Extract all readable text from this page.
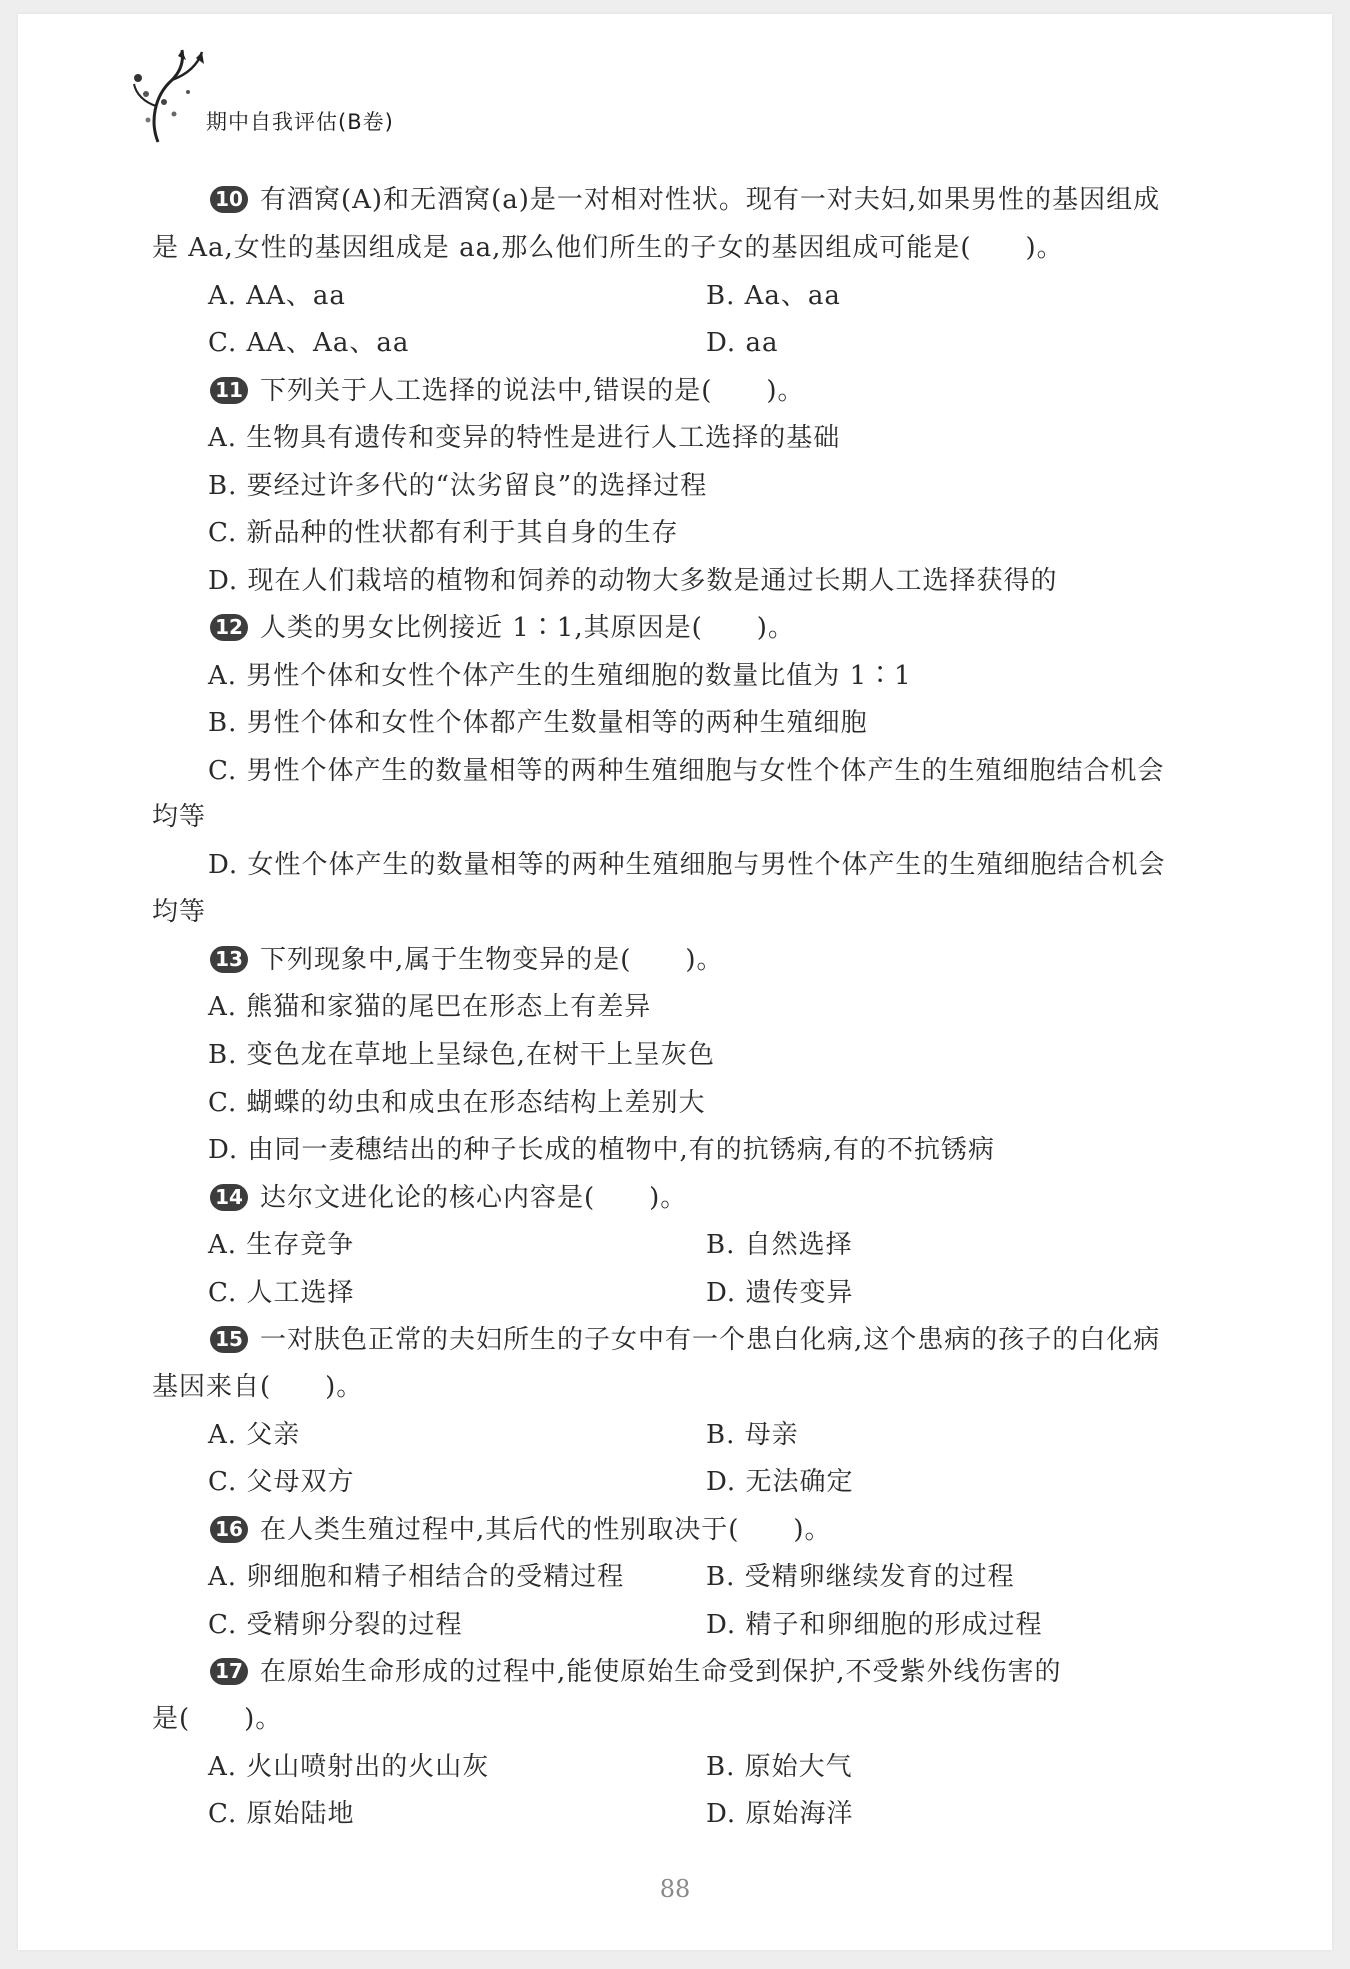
期中自我评估(B卷)
10 有酒窝(A)和无酒窝(a)是一对相对性状。现有一对夫妇,如果男性的基因组成
是 Aa,女性的基因组成是 aa,那么他们所生的子女的基因组成可能是(　　)。
A. AA、aa	B. Aa、aa
C. AA、Aa、aa	D. aa
11 下列关于人工选择的说法中,错误的是(　　)。
A. 生物具有遗传和变异的特性是进行人工选择的基础
B. 要经过许多代的“汰劣留良”的选择过程
C. 新品种的性状都有利于其自身的生存
D. 现在人们栽培的植物和饲养的动物大多数是通过长期人工选择获得的
12 人类的男女比例接近 1∶1,其原因是(　　)。
A. 男性个体和女性个体产生的生殖细胞的数量比值为 1∶1
B. 男性个体和女性个体都产生数量相等的两种生殖细胞
C. 男性个体产生的数量相等的两种生殖细胞与女性个体产生的生殖细胞结合机会
均等
D. 女性个体产生的数量相等的两种生殖细胞与男性个体产生的生殖细胞结合机会
均等
13 下列现象中,属于生物变异的是(　　)。
A. 熊猫和家猫的尾巴在形态上有差异
B. 变色龙在草地上呈绿色,在树干上呈灰色
C. 蝴蝶的幼虫和成虫在形态结构上差别大
D. 由同一麦穗结出的种子长成的植物中,有的抗锈病,有的不抗锈病
14 达尔文进化论的核心内容是(　　)。
A. 生存竞争	B. 自然选择
C. 人工选择	D. 遗传变异
15 一对肤色正常的夫妇所生的子女中有一个患白化病,这个患病的孩子的白化病
基因来自(　　)。
A. 父亲	B. 母亲
C. 父母双方	D. 无法确定
16 在人类生殖过程中,其后代的性别取决于(　　)。
A. 卵细胞和精子相结合的受精过程	B. 受精卵继续发育的过程
C. 受精卵分裂的过程	D. 精子和卵细胞的形成过程
17 在原始生命形成的过程中,能使原始生命受到保护,不受紫外线伤害的
是(　　)。
A. 火山喷射出的火山灰	B. 原始大气
C. 原始陆地	D. 原始海洋
88
